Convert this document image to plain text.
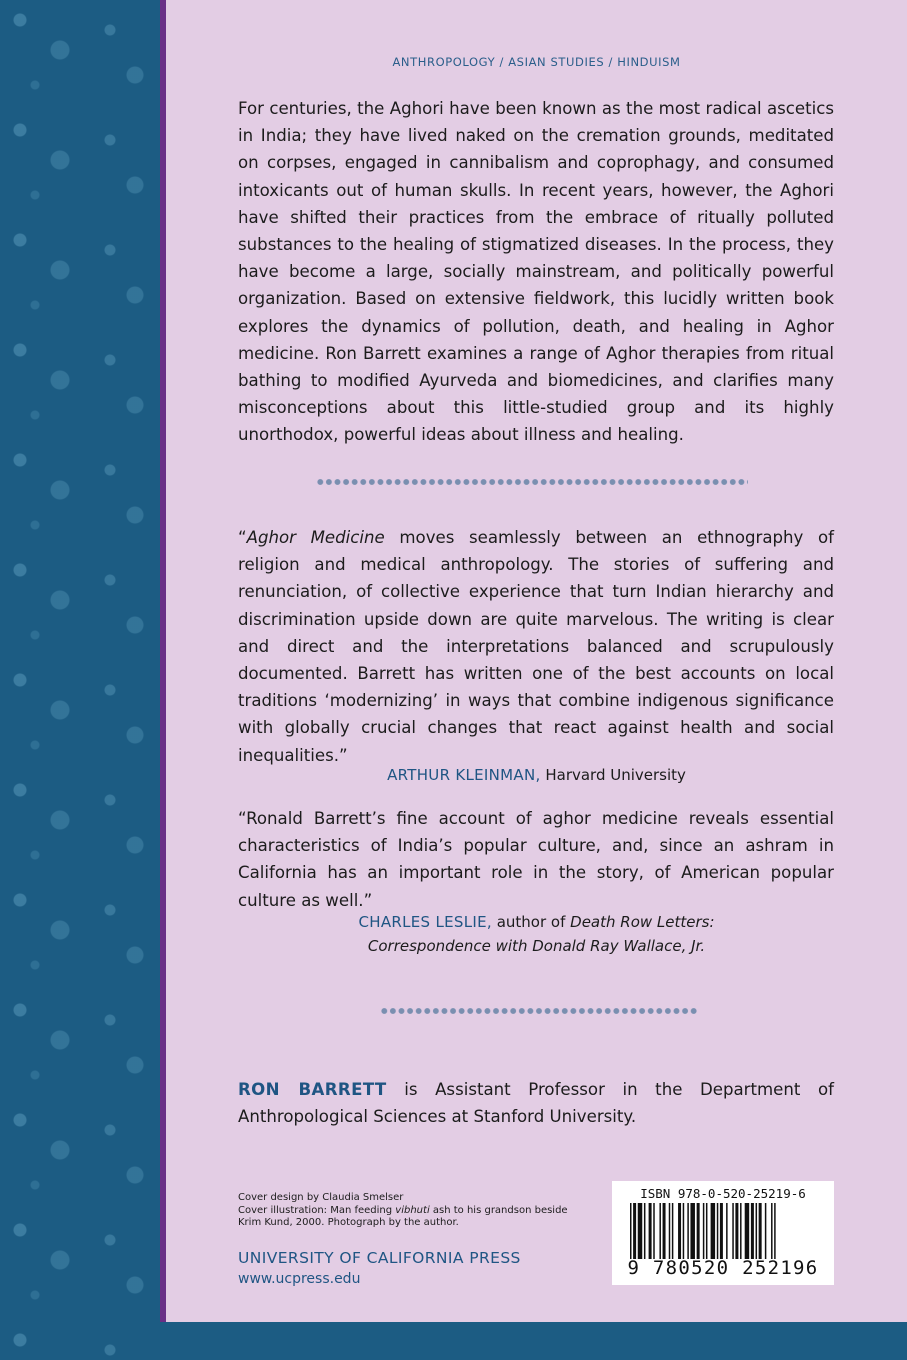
ANTHROPOLOGY / ASIAN STUDIES / HINDUISM
For centuries, the Aghori have been known as the most radical ascetics in India; they have lived naked on the cremation grounds, meditated on corpses, engaged in cannibalism and coprophagy, and consumed intoxicants out of human skulls. In recent years, however, the Aghori have shifted their practices from the embrace of ritually polluted substances to the healing of stigmatized diseases. In the process, they have become a large, socially mainstream, and politically powerful organization. Based on extensive fieldwork, this lucidly written book explores the dynamics of pollution, death, and healing in Aghor medicine. Ron Barrett examines a range of Aghor therapies from ritual bathing to modified Ayurveda and biomedicines, and clarifies many misconceptions about this little-studied group and its highly unorthodox, powerful ideas about illness and healing.
“Aghor Medicine moves seamlessly between an ethnography of religion and medical anthropology. The stories of suffering and renunciation, of collective experience that turn Indian hierarchy and discrimination upside down are quite marvelous. The writing is clear and direct and the interpretations balanced and scrupulously documented. Barrett has written one of the best accounts on local traditions ‘modernizing’ in ways that combine indigenous significance with globally crucial changes that react against health and social inequalities.”
ARTHUR KLEINMAN, Harvard University
“Ronald Barrett’s fine account of aghor medicine reveals essential characteristics of India’s popular culture, and, since an ashram in California has an important role in the story, of American popular culture as well.”
CHARLES LESLIE, author of Death Row Letters:
Correspondence with Donald Ray Wallace, Jr.
RON BARRETT is Assistant Professor in the Department of Anthropological Sciences at Stanford University.
Cover design by Claudia Smelser
Cover illustration: Man feeding vibhuti ash to his grandson beside Krim Kund, 2000. Photograph by the author.
UNIVERSITY OF CALIFORNIA PRESS
www.ucpress.edu
ISBN 978-0-520-25219-6
9 780520 252196
